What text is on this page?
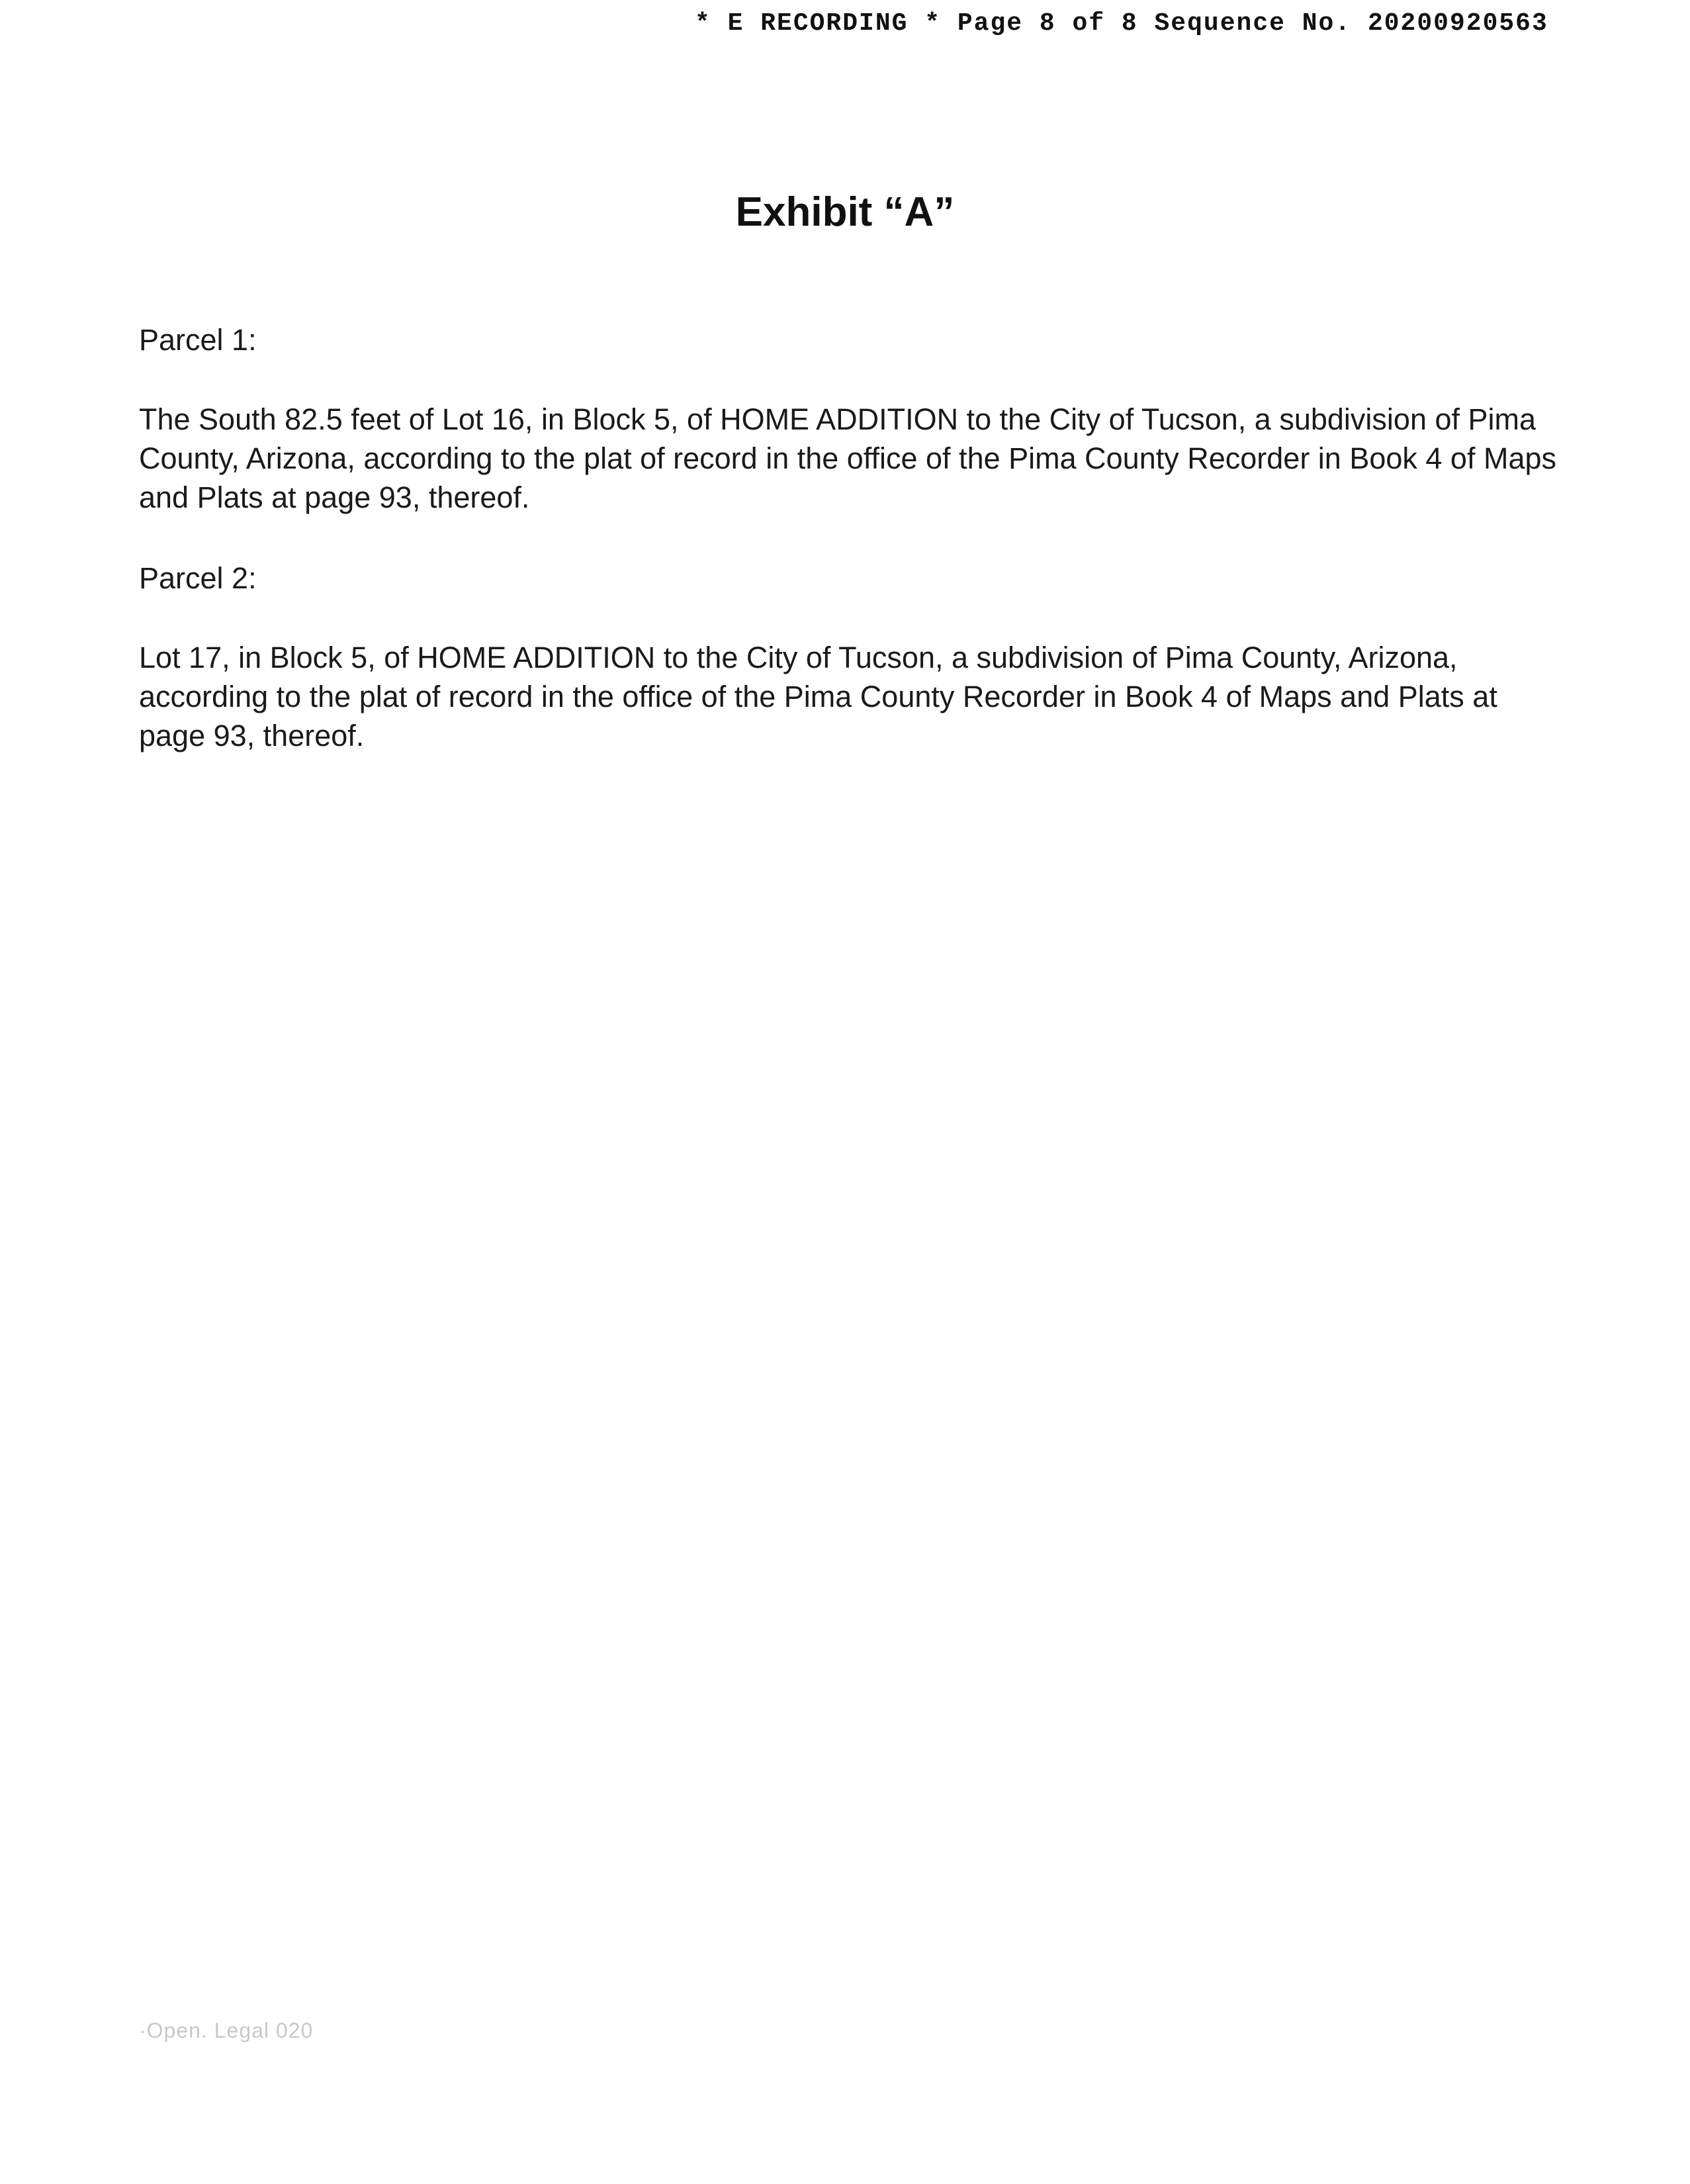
* E RECORDING * Page 8 of 8 Sequence No. 20200920563
Exhibit “A”

Parcel 1:

The South 82.5 feet of Lot 16, in Block 5, of HOME ADDITION to the City of Tucson, a subdivision of Pima County, Arizona, according to the plat of record in the office of the Pima County Recorder in Book 4 of Maps and Plats at page 93, thereof.

Parcel 2:

Lot 17, in Block 5, of HOME ADDITION to the City of Tucson, a subdivision of Pima County, Arizona, according to the plat of record in the office of the Pima County Recorder in Book 4 of Maps and Plats at page 93, thereof.

·Open. Legal 020
